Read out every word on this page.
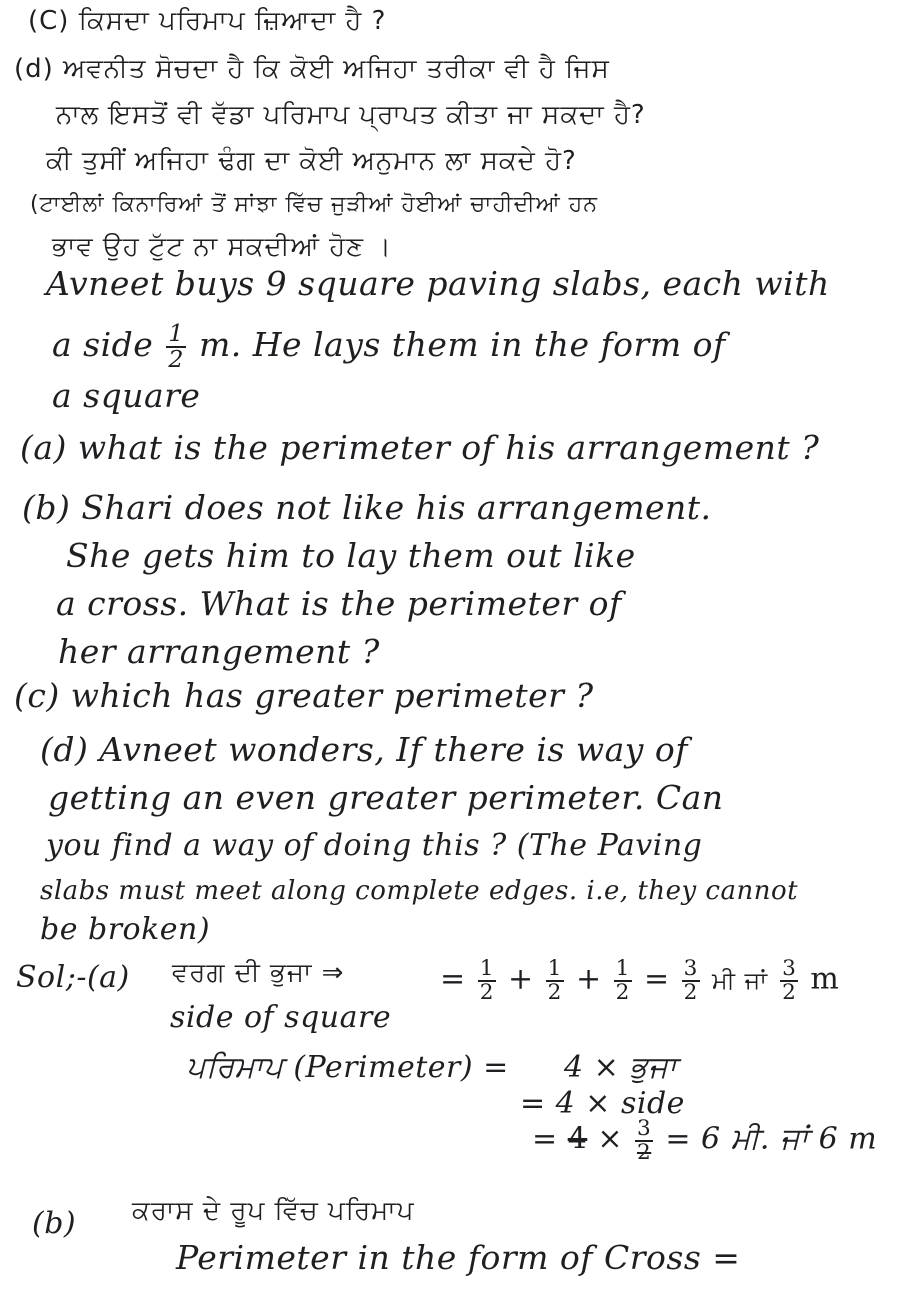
(C) ਕਿਸਦਾ ਪਰਿਮਾਪ ਜ਼ਿਆਦਾ ਹੈ ?
(d) ਅਵਨੀਤ ਸੋਚਦਾ ਹੈ ਕਿ ਕੋਈ ਅਜਿਹਾ ਤਰੀਕਾ ਵੀ ਹੈ ਜਿਸ
ਨਾਲ ਇਸਤੋਂ ਵੀ ਵੱਡਾ ਪਰਿਮਾਪ ਪ੍ਰਾਪਤ ਕੀਤਾ ਜਾ ਸਕਦਾ ਹੈ?
ਕੀ ਤੁਸੀਂ ਅਜਿਹਾ ਢੰਗ ਦਾ ਕੋਈ ਅਨੁਮਾਨ ਲਾ ਸਕਦੇ ਹੋ?
(ਟਾਈਲਾਂ ਕਿਨਾਰਿਆਂ ਤੋਂ ਸਾਂਝਾ ਵਿੱਚ ਜੁੜੀਆਂ ਹੋਈਆਂ ਚਾਹੀਦੀਆਂ ਹਨ
ਭਾਵ ਉਹ ਟੁੱਟ ਨਾ ਸਕਦੀਆਂ ਹੋਣ ।
Avneet buys 9 square paving slabs, each with
a side $\frac{1}{2} m$. He lays them in the form of
a square
(a) what is the perimeter of his arrangement ?
(b) Shari does not like his arrangement.
She gets him to lay them out like
a cross. What is the perimeter of
her arrangement ?
(c) which has greater perimeter ?
(d) Avneet wonders, If there is way of
getting an even greater perimeter. Can
you find a way of doing this ? (The Paving
slabs must meet along complete edges. i.e, they cannot
be broken)
Sol;-(a) ਵਰਗ ਦੀ ਭੁਜਾ ⇒
side of square
= $\frac{1}{2} + \frac{1}{2} + \frac{1}{2} = \frac{3}{2}$ ਮੀ ਜਾਂ $\frac{3}{2}$ m
ਪਰਿਮਾਪ (Perimeter) = 4 × ਭੁਜਾ
= 4 × side
= $4 \times \frac{3}{2} = 6$ ਮੀ. ਜਾਂ 6 m
(b) ਕਰਾਸ ਦੇ ਰੂਪ ਵਿੱਚ ਪਰਿਮਾਪ
Perimeter in the form of Cross =
